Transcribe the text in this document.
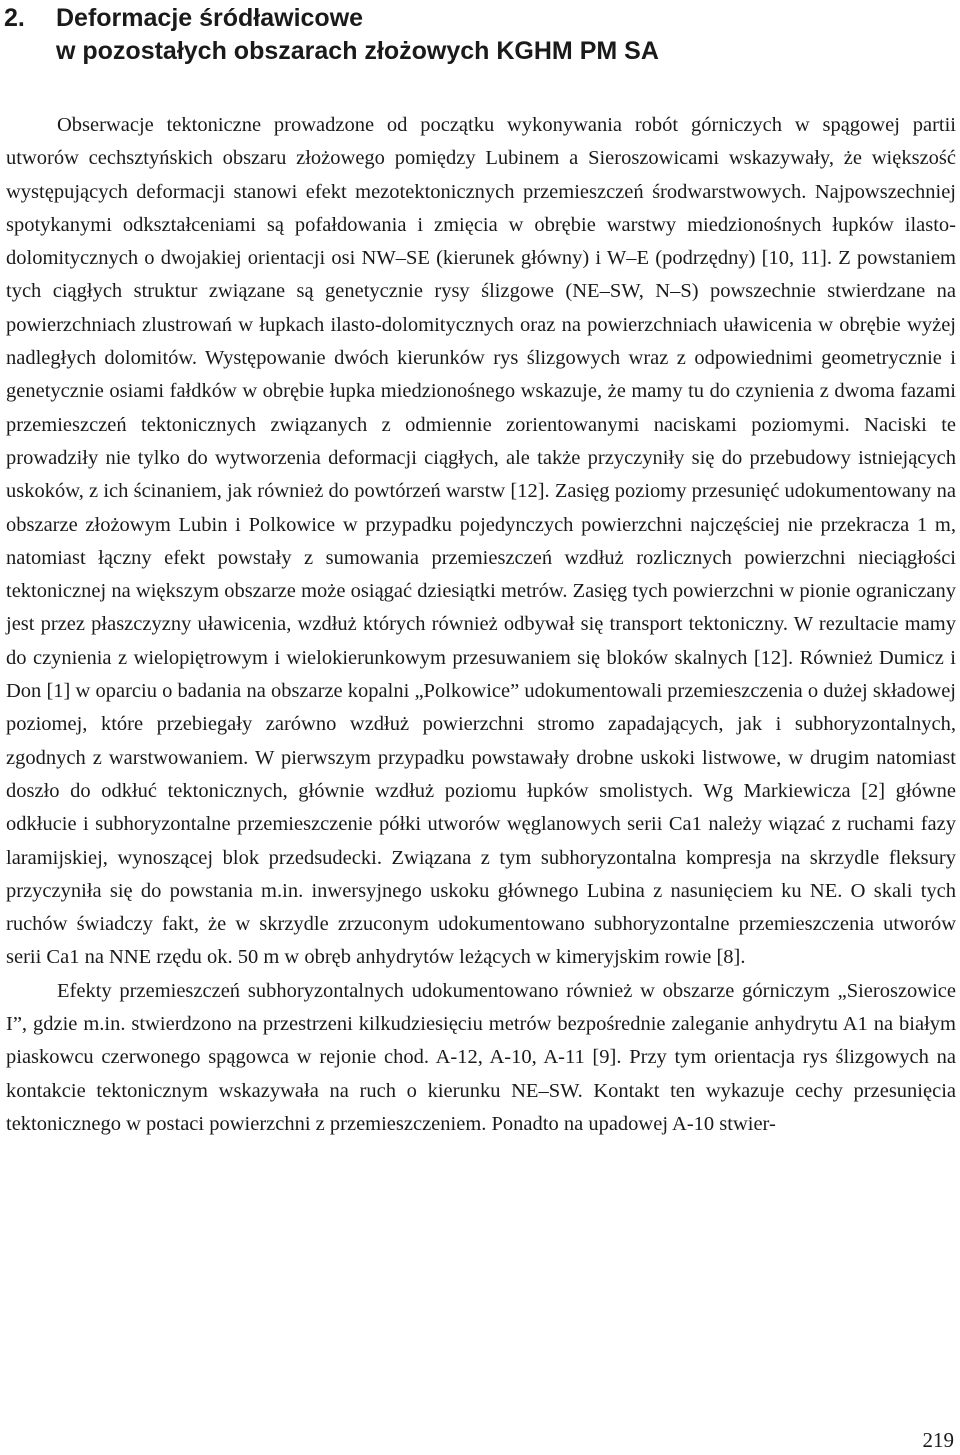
2. Deformacje śródławicowe
w pozostałych obszarach złożowych KGHM PM SA

Obserwacje tektoniczne prowadzone od początku wykonywania robót górniczych w spągowej partii utworów cechsztyńskich obszaru złożowego pomiędzy Lubinem a Sieroszowicami wskazywały, że większość występujących deformacji stanowi efekt mezotektonicznych przemieszczeń środwarstwowych. Najpowszechniej spotykanymi odkształceniami są pofałdowania i zmięcia w obrębie warstwy miedzionośnych łupków ilasto-dolomitycznych o dwojakiej orientacji osi NW–SE (kierunek główny) i W–E (podrzędny) [10, 11]. Z powstaniem tych ciągłych struktur związane są genetycznie rysy ślizgowe (NE–SW, N–S) powszechnie stwierdzane na powierzchniach zlustrowań w łupkach ilasto-dolomitycznych oraz na powierzchniach uławicenia w obrębie wyżej nadległych dolomitów. Występowanie dwóch kierunków rys ślizgowych wraz z odpowiednimi geometrycznie i genetycznie osiami fałdków w obrębie łupka miedzionośnego wskazuje, że mamy tu do czynienia z dwoma fazami przemieszczeń tektonicznych związanych z odmiennie zorientowanymi naciskami poziomymi. Naciski te prowadziły nie tylko do wytworzenia deformacji ciągłych, ale także przyczyniły się do przebudowy istniejących uskoków, z ich ścinaniem, jak również do powtórzeń warstw [12]. Zasięg poziomy przesunięć udokumentowany na obszarze złożowym Lubin i Polkowice w przypadku pojedynczych powierzchni najczęściej nie przekracza 1 m, natomiast łączny efekt powstały z sumowania przemieszczeń wzdłuż rozlicznych powierzchni nieciągłości tektonicznej na większym obszarze może osiągać dziesiątki metrów. Zasięg tych powierzchni w pionie ograniczany jest przez płaszczyzny uławicenia, wzdłuż których również odbywał się transport tektoniczny. W rezultacie mamy do czynienia z wielopiętrowym i wielokierunkowym przesuwaniem się bloków skalnych [12]. Również Dumicz i Don [1] w oparciu o badania na obszarze kopalni „Polkowice” udokumentowali przemieszczenia o dużej składowej poziomej, które przebiegały zarówno wzdłuż powierzchni stromo zapadających, jak i subhoryzontalnych, zgodnych z warstwowaniem. W pierwszym przypadku powstawały drobne uskoki listwowe, w drugim natomiast doszło do odkłuć tektonicznych, głównie wzdłuż poziomu łupków smolistych. Wg Markiewicza [2] główne odkłucie i subhoryzontalne przemieszczenie półki utworów węglanowych serii Ca1 należy wiązać z ruchami fazy laramijskiej, wynoszącej blok przedsudecki. Związana z tym subhoryzontalna kompresja na skrzydle fleksury przyczyniła się do powstania m.in. inwersyjnego uskoku głównego Lubina z nasunięciem ku NE. O skali tych ruchów świadczy fakt, że w skrzydle zrzuconym udokumentowano subhoryzontalne przemieszczenia utworów serii Ca1 na NNE rzędu ok. 50 m w obręb anhydrytów leżących w kimeryjskim rowie [8].

Efekty przemieszczeń subhoryzontalnych udokumentowano również w obszarze górniczym „Sieroszowice I”, gdzie m.in. stwierdzono na przestrzeni kilkudziesięciu metrów bezpośrednie zaleganie anhydrytu A1 na białym piaskowcu czerwonego spągowca w rejonie chod. A-12, A-10, A-11 [9]. Przy tym orientacja rys ślizgowych na kontakcie tektonicznym wskazywała na ruch o kierunku NE–SW. Kontakt ten wykazuje cechy przesunięcia tektonicznego w postaci powierzchni z przemieszczeniem. Ponadto na upadowej A-10 stwier-

219
